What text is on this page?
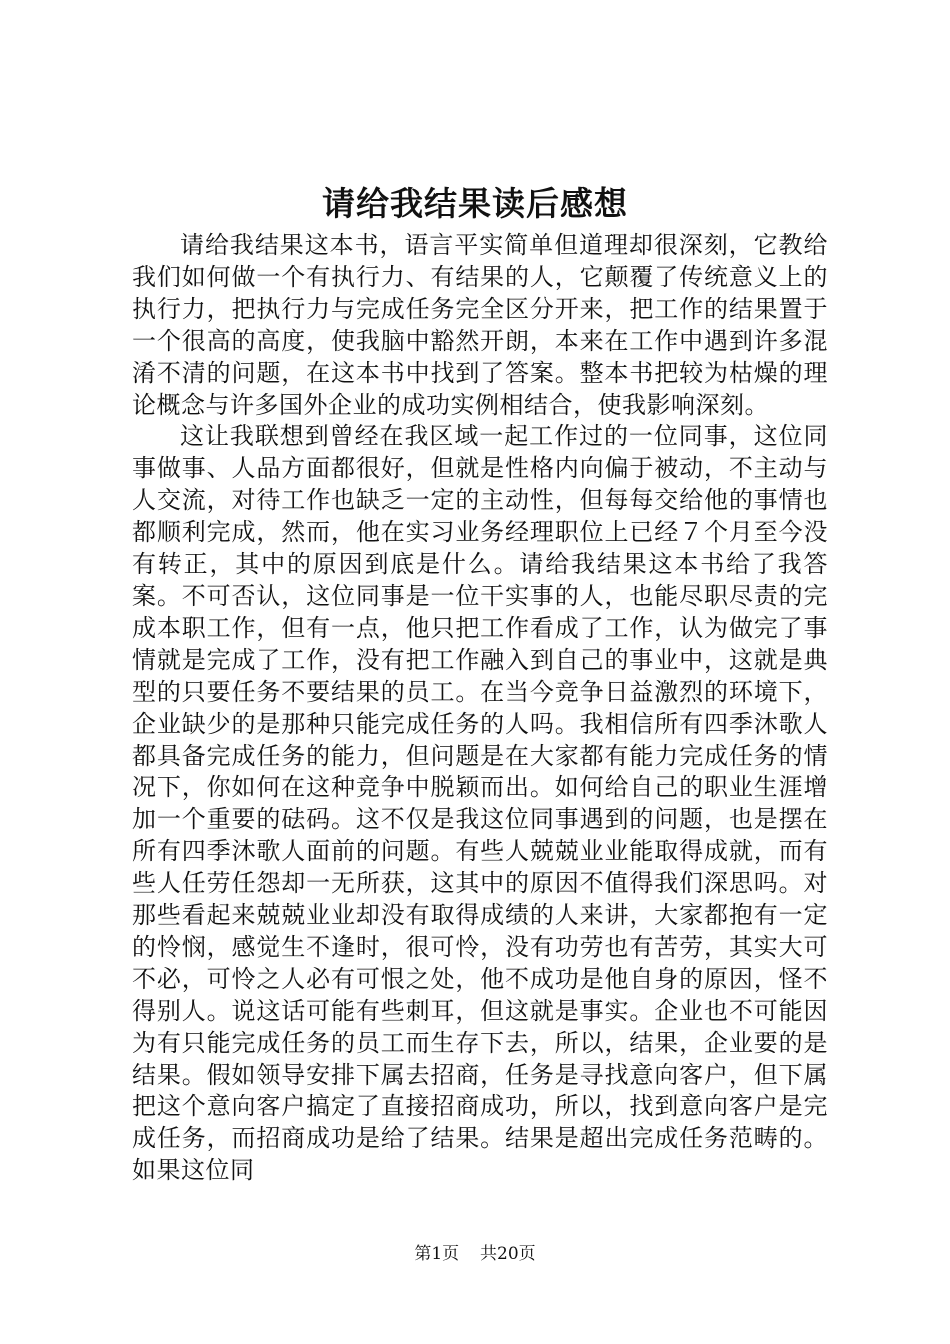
请给我结果读后感想

请给我结果这本书，语言平实简单但道理却很深刻，它教给我们如何做一个有执行力、有结果的人，它颠覆了传统意义上的执行力，把执行力与完成任务完全区分开来，把工作的结果置于一个很高的高度，使我脑中豁然开朗，本来在工作中遇到许多混淆不清的问题，在这本书中找到了答案。整本书把较为枯燥的理论概念与许多国外企业的成功实例相结合，使我影响深刻。

这让我联想到曾经在我区域一起工作过的一位同事，这位同事做事、人品方面都很好，但就是性格内向偏于被动，不主动与人交流，对待工作也缺乏一定的主动性，但每每交给他的事情也都顺利完成，然而，他在实习业务经理职位上已经７个月至今没有转正，其中的原因到底是什么。请给我结果这本书给了我答案。不可否认，这位同事是一位干实事的人，也能尽职尽责的完成本职工作，但有一点，他只把工作看成了工作，认为做完了事情就是完成了工作，没有把工作融入到自己的事业中，这就是典型的只要任务不要结果的员工。在当今竞争日益激烈的环境下，企业缺少的是那种只能完成任务的人吗。我相信所有四季沐歌人都具备完成任务的能力，但问题是在大家都有能力完成任务的情况下，你如何在这种竞争中脱颖而出。如何给自己的职业生涯增加一个重要的砝码。这不仅是我这位同事遇到的问题，也是摆在所有四季沐歌人面前的问题。有些人兢兢业业能取得成就，而有些人任劳任怨却一无所获，这其中的原因不值得我们深思吗。对那些看起来兢兢业业却没有取得成绩的人来讲，大家都抱有一定的怜悯，感觉生不逢时，很可怜，没有功劳也有苦劳，其实大可不必，可怜之人必有可恨之处，他不成功是他自身的原因，怪不得别人。说这话可能有些刺耳，但这就是事实。企业也不可能因为有只能完成任务的员工而生存下去，所以，结果，企业要的是结果。假如领导安排下属去招商，任务是寻找意向客户，但下属把这个意向客户搞定了直接招商成功，所以，找到意向客户是完成任务，而招商成功是给了结果。结果是超出完成任务范畴的。如果这位同

第1页 共20页
